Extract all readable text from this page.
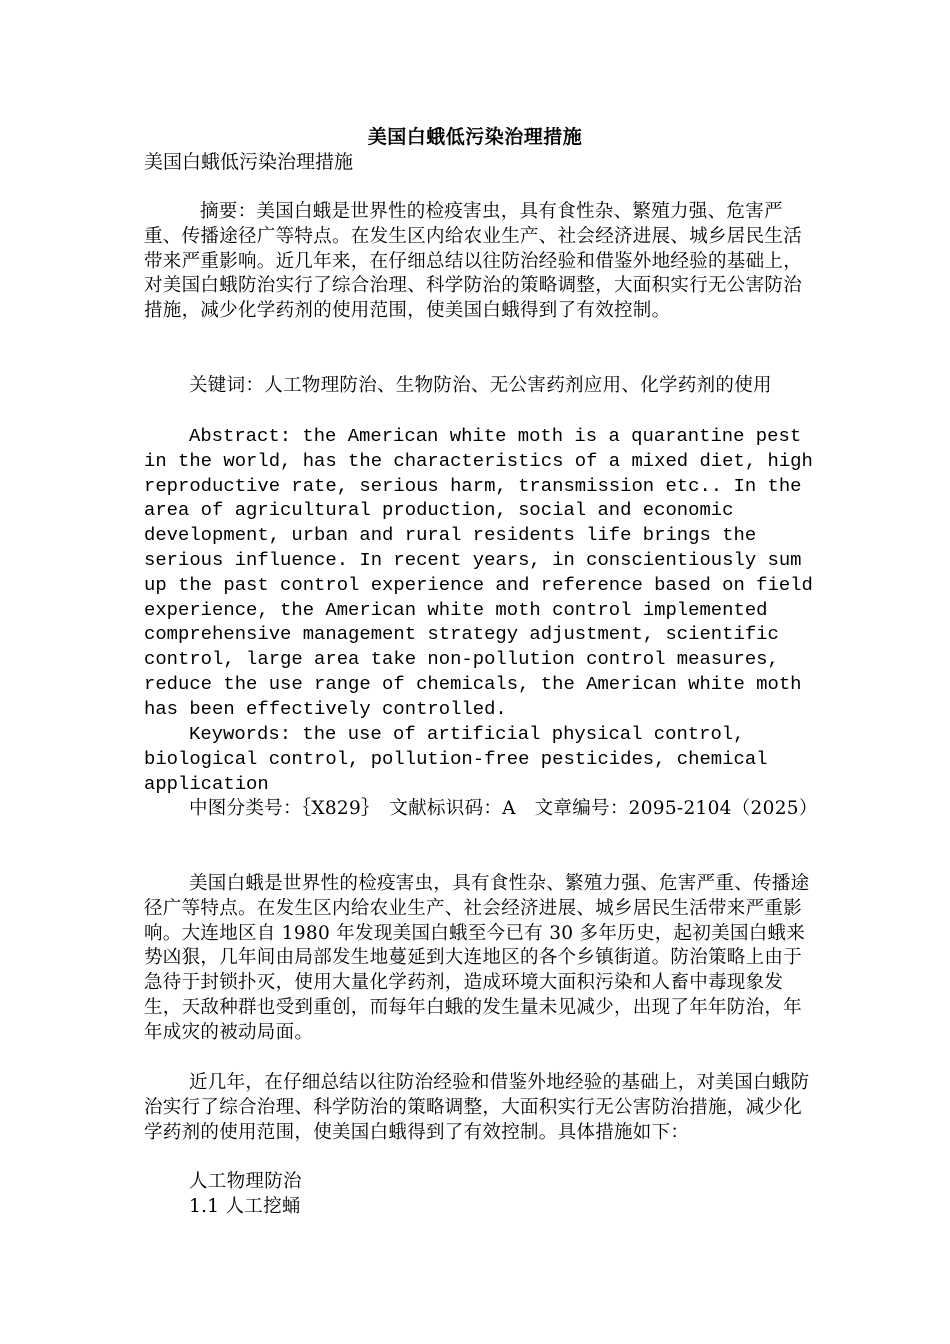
美国白蛾低污染治理措施
美国白蛾低污染治理措施
摘要：美国白蛾是世界性的检疫害虫，具有食性杂、繁殖力强、危害严重、传播途径广等特点。在发生区内给农业生产、社会经济进展、城乡居民生活带来严重影响。近几年来，在仔细总结以往防治经验和借鉴外地经验的基础上，对美国白蛾防治实行了综合治理、科学防治的策略调整，大面积实行无公害防治措施，减少化学药剂的使用范围，使美国白蛾得到了有效控制。
关键词：人工物理防治、生物防治、无公害药剂应用、化学药剂的使用
Abstract: the American white moth is a quarantine pest in the world, has the characteristics of a mixed diet, high reproductive rate, serious harm, transmission etc.. In the area of agricultural production, social and economic development, urban and rural residents life brings the serious influence. In recent years, in conscientiously sum up the past control experience and reference based on field experience, the American white moth control implemented comprehensive management strategy adjustment, scientific control, large area take non-pollution control measures, reduce the use range of chemicals, the American white moth has been effectively controlled.
Keywords: the use of artificial physical control, biological control, pollution-free pesticides, chemical application
中图分类号：｛X829｝　文献标识码：A　文章编号：2095-2104（2025）
美国白蛾是世界性的检疫害虫，具有食性杂、繁殖力强、危害严重、传播途径广等特点。在发生区内给农业生产、社会经济进展、城乡居民生活带来严重影响。大连地区自 1980 年发现美国白蛾至今已有 30 多年历史，起初美国白蛾来势凶狠，几年间由局部发生地蔓延到大连地区的各个乡镇街道。防治策略上由于急待于封锁扑灭，使用大量化学药剂，造成环境大面积污染和人畜中毒现象发生，天敌种群也受到重创，而每年白蛾的发生量未见减少，出现了年年防治，年年成灾的被动局面。
近几年，在仔细总结以往防治经验和借鉴外地经验的基础上，对美国白蛾防治实行了综合治理、科学防治的策略调整，大面积实行无公害防治措施，减少化学药剂的使用范围，使美国白蛾得到了有效控制。具体措施如下：
人工物理防治
1.1 人工挖蛹
